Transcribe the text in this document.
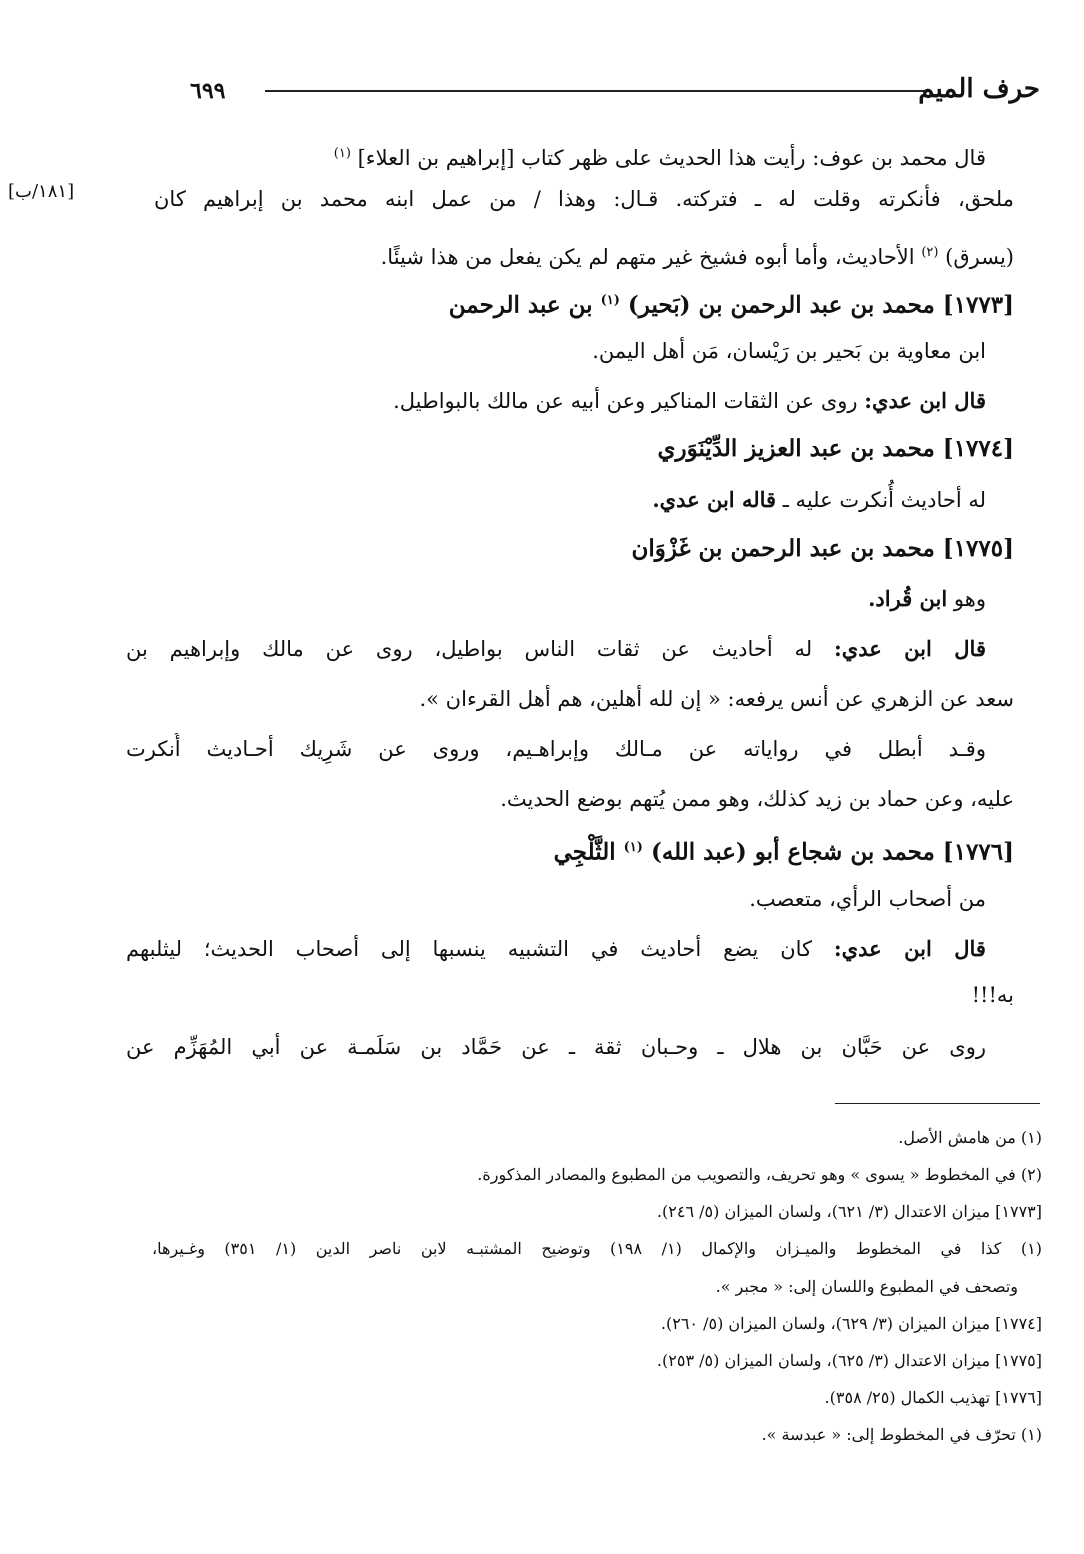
٦٩٩	حرف الميم
[١٨١/ب]
قال محمد بن عوف: رأيت هذا الحديث على ظهر كتاب [إبراهيم بن العلاء] $^{(١)}$
ملحق، فأنكرته وقلت له ـ فتركته. قـال: وهذا / من عمل ابنه محمد بن إبراهيم كان
(يسرق) $^{(٢)}$ الأحاديث، وأما أبوه فشيخ غير متهم لم يكن يفعل من هذا شيئًا.
[١٧٧٣] محمد بن عبد الرحمن بن (بَحير) $^{(١)}$ بن عبد الرحمن
ابن معاوية بن بَحير بن رَيْسان، مَن أهل اليمن.
قال ابن عدي: روى عن الثقات المناكير وعن أبيه عن مالك بالبواطيل.
[١٧٧٤] محمد بن عبد العزيز الدِّيْنَوَري
له أحاديث أُنكرت عليه ـ قاله ابن عدي.
[١٧٧٥] محمد بن عبد الرحمن بن غَزْوَان
وهو ابن قُراد.
قال ابن عدي: له أحاديث عن ثقات الناس بواطيل، روى عن مالك وإبراهيم بن
سعد عن الزهري عن أنس يرفعه: « إن لله أهلين، هم أهل القرءان ».
وقـد أبطل في رواياته عن مـالك وإبراهـيم، وروى عن شَرِيك أحـاديث أُنكرت
عليه، وعن حماد بن زيد كذلك، وهو ممن يُتهم بوضع الحديث.
[١٧٧٦] محمد بن شجاع أبو (عبد الله) $^{(١)}$ الثَّلْجِي
من أصحاب الرأي، متعصب.
قال ابن عدي: كان يضع أحاديث في التشبيه ينسبها إلى أصحاب الحديث؛ ليثلبهم
به!!!
روى عن حَبَّان بن هلال ـ وحـبان ثقة ـ عن حَمَّاد بن سَلَمـة عن أبي المُهَزِّم عن
(١) من هامش الأصل.
(٢) في المخطوط « يسوى » وهو تحريف، والتصويب من المطبوع والمصادر المذكورة.
[١٧٧٣] ميزان الاعتدال (٣/ ٦٢١)، ولسان الميزان (٥/ ٢٤٦).
(١) كذا في المخطوط والميـزان والإكمال (١/ ١٩٨) وتوضيح المشتبـه لابن ناصر الدين (١/ ٣٥١) وغـيرها،
وتصحف في المطبوع واللسان إلى: « مجبر ».
[١٧٧٤] ميزان الميزان (٣/ ٦٢٩)، ولسان الميزان (٥/ ٢٦٠).
[١٧٧٥] ميزان الاعتدال (٣/ ٦٢٥)، ولسان الميزان (٥/ ٢٥٣).
[١٧٧٦] تهذيب الكمال (٢٥/ ٣٥٨).
(١) تحرّف في المخطوط إلى: « عبدسة ».
